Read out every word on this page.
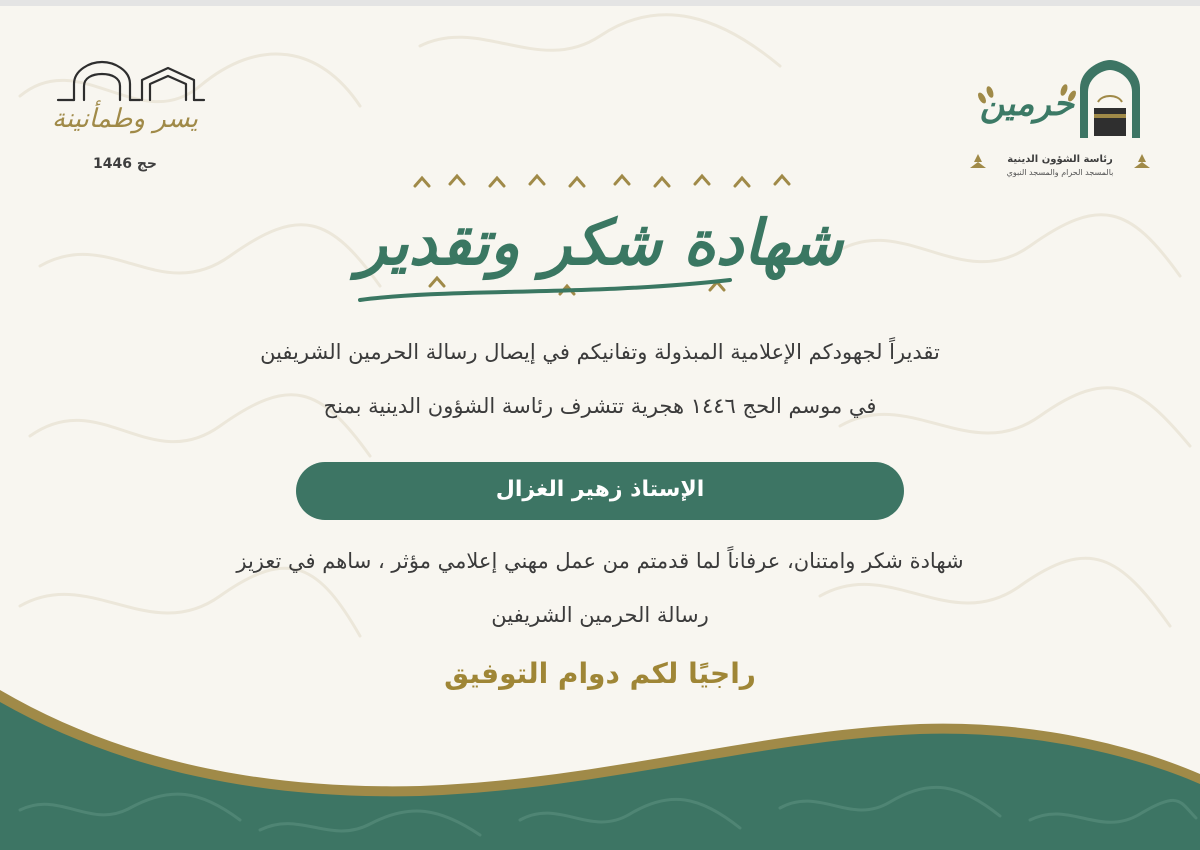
يسر وطمأنينة
حج 1446
حرمين
رئاسة الشؤون الدينية
بالمسجد الحرام والمسجد النبوي
شهادة شكر وتقدير
تقديراً لجهودكم الإعلامية المبذولة وتفانيكم في إيصال رسالة الحرمين الشريفين
في موسم الحج ١٤٤٦ هجرية تتشرف رئاسة الشؤون الدينية بمنح
الإستاذ زهير الغزال
شهادة شكر وامتنان، عرفاناً لما قدمتم من عمل مهني إعلامي مؤثر ، ساهم في تعزيز
رسالة الحرمين الشريفين
راجيًا لكم دوام التوفيق
